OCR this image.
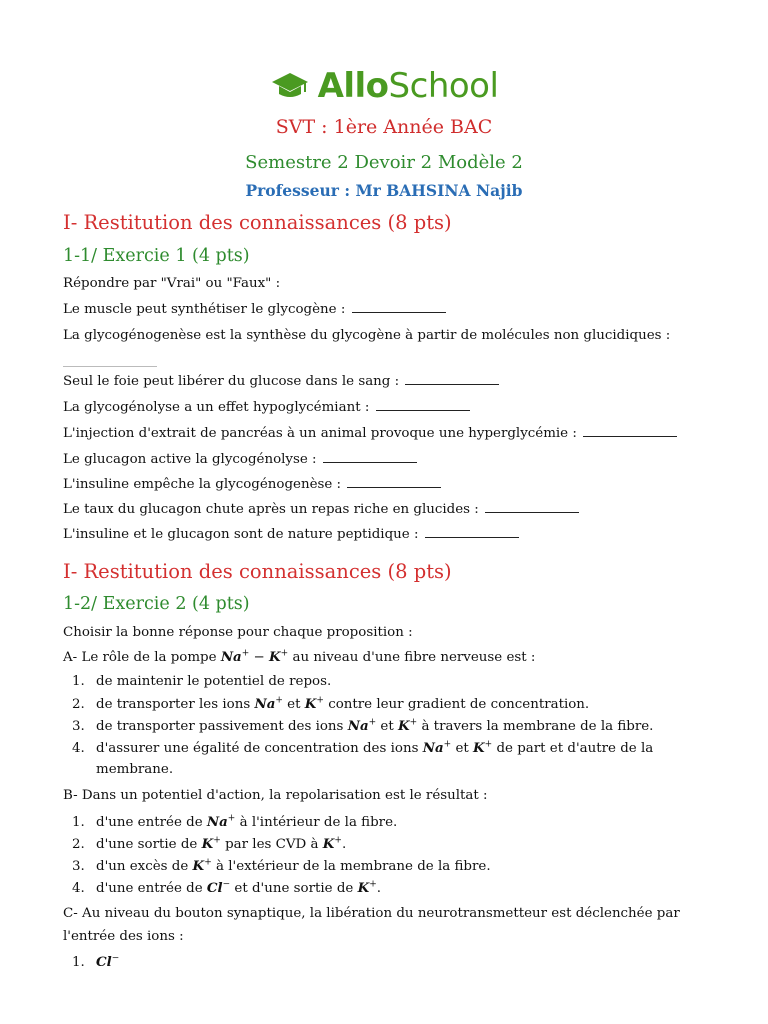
AlloSchool
SVT : 1ère Année BAC
Semestre 2 Devoir 2 Modèle 2
Professeur : Mr BAHSINA Najib
I- Restitution des connaissances (8 pts)
1-1/ Exercie 1 (4 pts)
Répondre par "Vrai" ou "Faux" :
Le muscle peut synthétiser le glycogène :
La glycogénogenèse est la synthèse du glycogène à partir de molécules non glucidiques :
Seul le foie peut libérer du glucose dans le sang :
La glycogénolyse a un effet hypoglycémiant :
L'injection d'extrait de pancréas à un animal provoque une hyperglycémie :
Le glucagon active la glycogénolyse :
L'insuline empêche la glycogénogenèse :
Le taux du glucagon chute après un repas riche en glucides :
L'insuline et le glucagon sont de nature peptidique :
I- Restitution des connaissances (8 pts)
1-2/ Exercie 2 (4 pts)
Choisir la bonne réponse pour chaque proposition :
A- Le rôle de la pompe Na+ − K+ au niveau d'une fibre nerveuse est :
1. de maintenir le potentiel de repos.
2. de transporter les ions Na+ et K+ contre leur gradient de concentration.
3. de transporter passivement des ions Na+ et K+ à travers la membrane de la fibre.
4. d'assurer une égalité de concentration des ions Na+ et K+ de part et d'autre de la
membrane.
B- Dans un potentiel d'action, la repolarisation est le résultat :
1. d'une entrée de Na+ à l'intérieur de la fibre.
2. d'une sortie de K+ par les CVD à K+.
3. d'un excès de K+ à l'extérieur de la membrane de la fibre.
4. d'une entrée de Cl− et d'une sortie de K+.
C- Au niveau du bouton synaptique, la libération du neurotransmetteur est déclenchée par
l'entrée des ions :
1. Cl−
